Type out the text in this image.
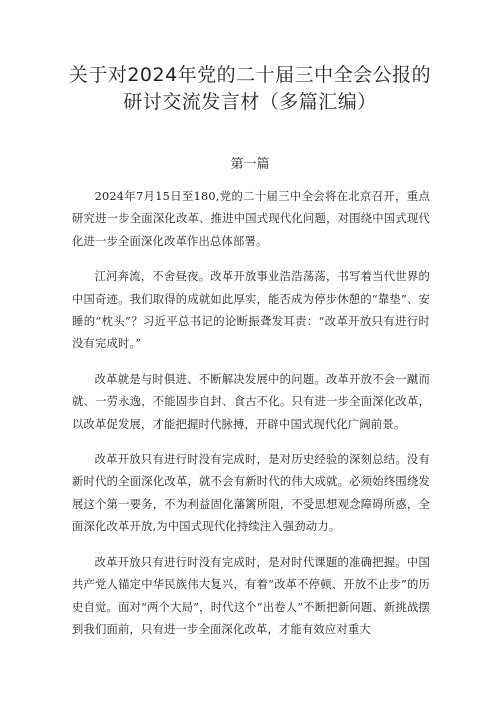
关于对2024年党的二十届三中全会公报的研讨交流发言材（多篇汇编）
第一篇

2024年7月15日至180,党的二十届三中全会将在北京召开，重点研究进一步全面深化改革、推进中国式现代化问题，对围绕中国式现代化进一步全面深化改革作出总体部署。

江河奔流，不舍昼夜。改革开放事业浩浩荡荡，书写着当代世界的中国奇迹。我们取得的成就如此厚实，能否成为停步休憩的“靠垫”、安睡的“枕头”？习近平总书记的论断振聋发耳责：“改革开放只有进行时没有完成时。”

改革就是与时俱进、不断解决发展中的问题。改革开放不会一蹴而就、一劳永逸，不能固步自封、食古不化。只有进一步全面深化改革，以改革促发展，才能把握时代脉搏，开辟中国式现代化广阔前景。

改革开放只有进行时没有完成时，是对历史经验的深刻总结。没有新时代的全面深化改革，就不会有新时代的伟大成就。必须始终围绕发展这个第一要务，不为利益固化藩篱所阻，不受思想观念障碍所惑，全面深化改革开放,为中国式现代化持续注入强劲动力。

改革开放只有进行时没有完成时，是对时代课题的准确把握。中国共产党人锚定中华民族伟大复兴，有着“改革不停顿、开放不止步”的历史自觉。面对“两个大局”，时代这个“出卷人”不断把新问题、新挑战摆到我们面前，只有进一步全面深化改革，才能有效应对重大
